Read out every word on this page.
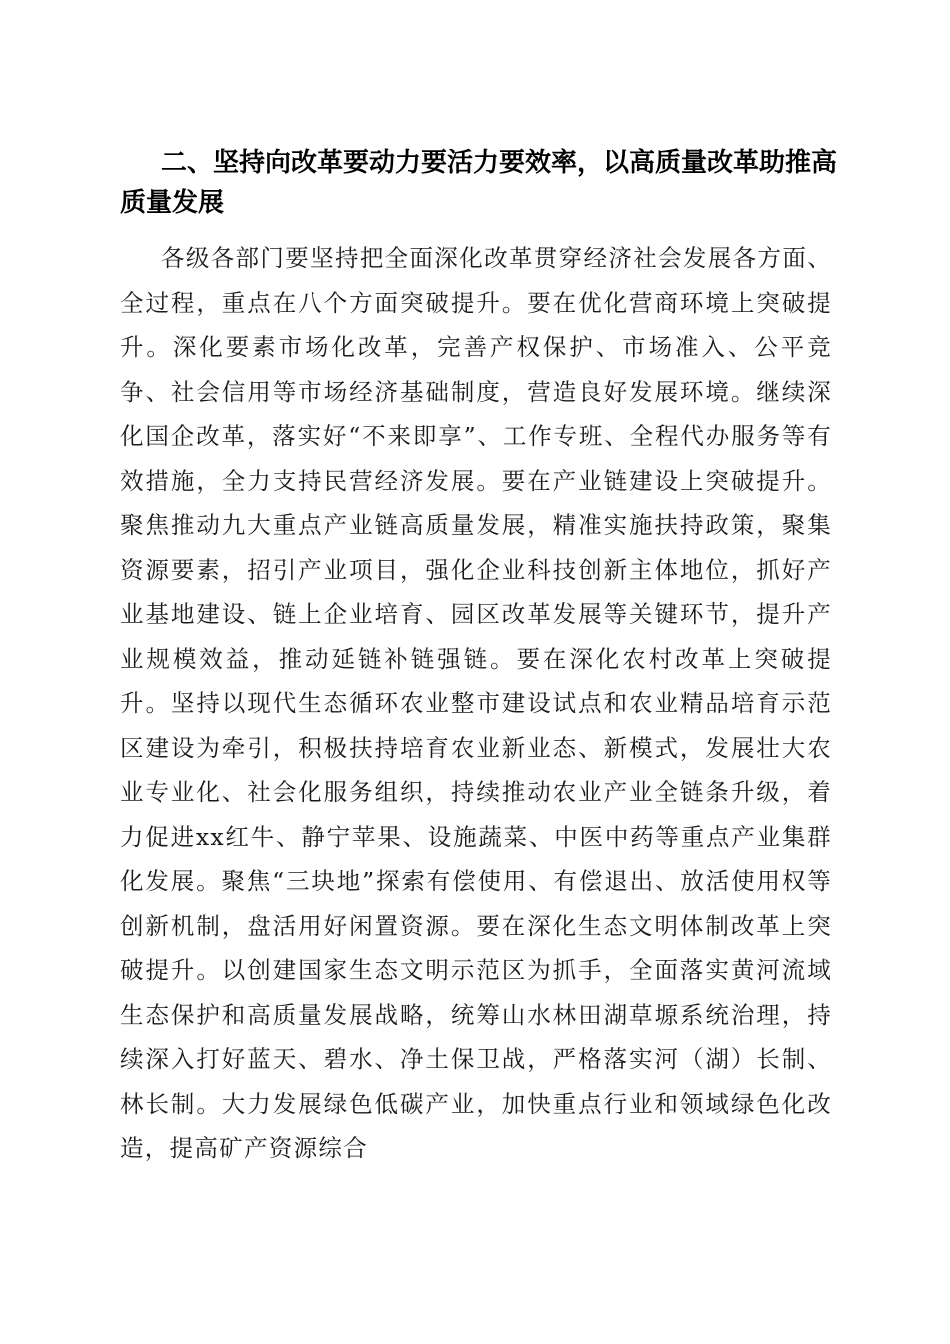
二、坚持向改革要动力要活力要效率，以高质量改革助推高质量发展

各级各部门要坚持把全面深化改革贯穿经济社会发展各方面、全过程，重点在八个方面突破提升。要在优化营商环境上突破提升。深化要素市场化改革，完善产权保护、市场准入、公平竞争、社会信用等市场经济基础制度，营造良好发展环境。继续深化国企改革，落实好“不来即享”、工作专班、全程代办服务等有效措施，全力支持民营经济发展。要在产业链建设上突破提升。聚焦推动九大重点产业链高质量发展，精准实施扶持政策，聚集资源要素，招引产业项目，强化企业科技创新主体地位，抓好产业基地建设、链上企业培育、园区改革发展等关键环节，提升产业规模效益，推动延链补链强链。要在深化农村改革上突破提升。坚持以现代生态循环农业整市建设试点和农业精品培育示范区建设为牵引，积极扶持培育农业新业态、新模式，发展壮大农业专业化、社会化服务组织，持续推动农业产业全链条升级，着力促进xx红牛、静宁苹果、设施蔬菜、中医中药等重点产业集群化发展。聚焦“三块地”探索有偿使用、有偿退出、放活使用权等创新机制，盘活用好闲置资源。要在深化生态文明体制改革上突破提升。以创建国家生态文明示范区为抓手，全面落实黄河流域生态保护和高质量发展战略，统筹山水林田湖草塬系统治理，持续深入打好蓝天、碧水、净土保卫战，严格落实河（湖）长制、林长制。大力发展绿色低碳产业，加快重点行业和领域绿色化改造，提高矿产资源综合
